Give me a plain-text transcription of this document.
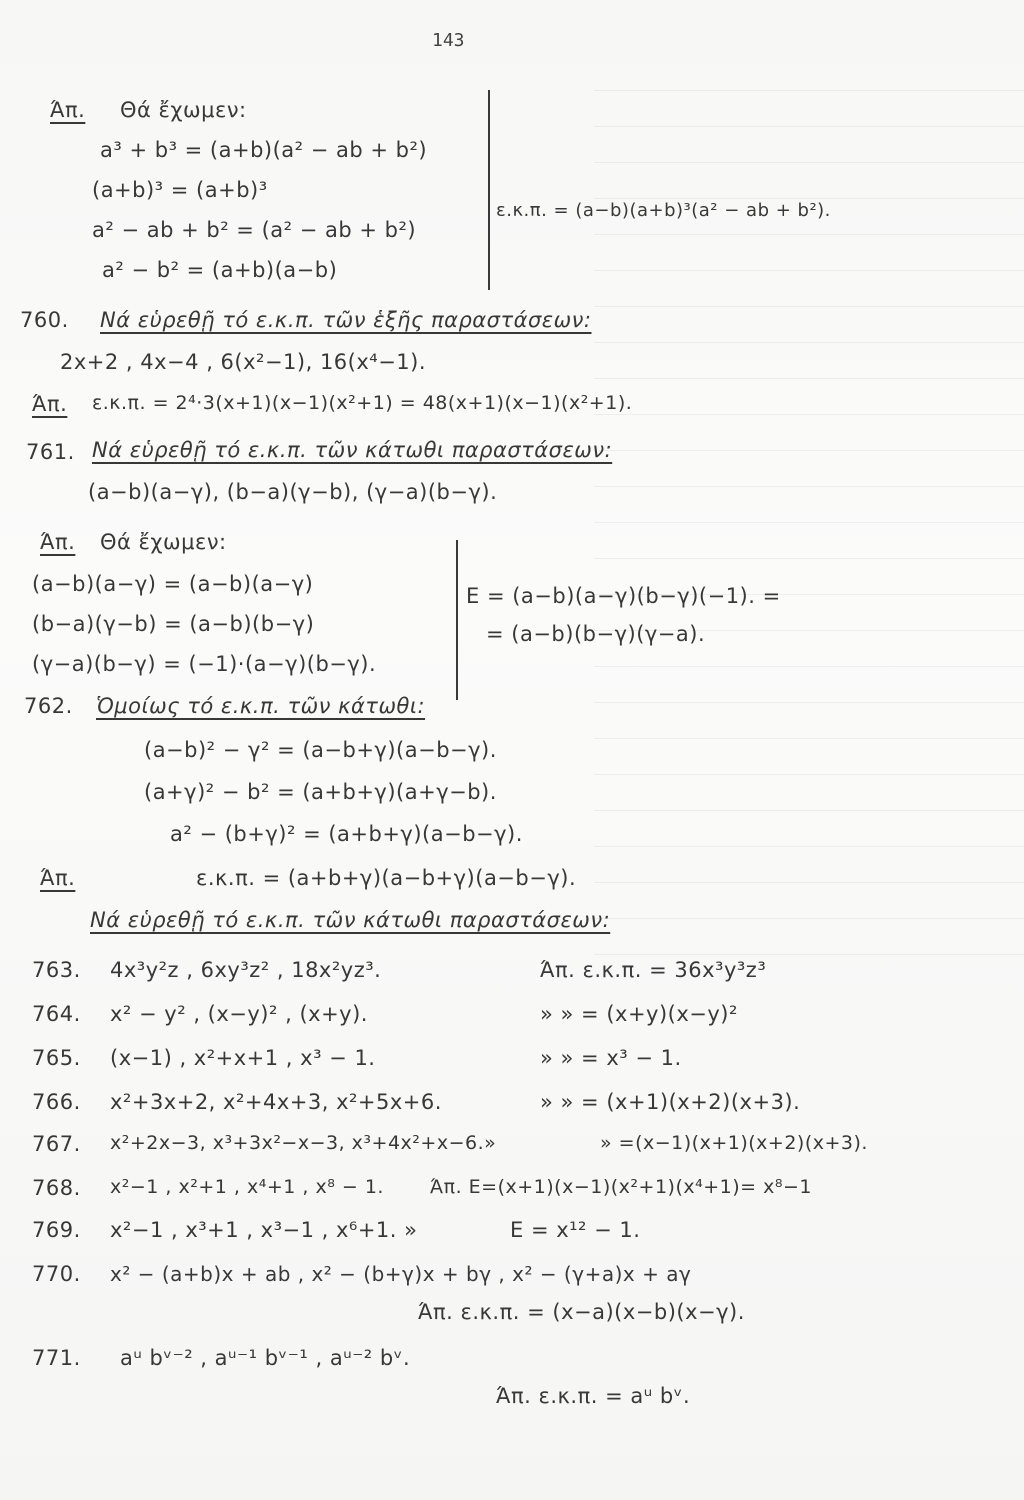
143
Άπ. Θά ἔχωμεν:
a³ + b³ = (a+b)(a² − ab + b²)
(a+b)³ = (a+b)³
a² − ab + b² = (a² − ab + b²)
a² − b² = (a+b)(a−b)
ε.κ.π. = (a−b)(a+b)³(a² − ab + b²).
760. Νά εὑρεθῇ τό ε.κ.π. τῶν ἑξῆς παραστάσεων:
2x+2 , 4x−4 , 6(x²−1), 16(x⁴−1).
Άπ. ε.κ.π. = 2⁴·3(x+1)(x−1)(x²+1) = 48(x+1)(x−1)(x²+1).
761. Νά εὑρεθῇ τό ε.κ.π. τῶν κάτωθι παραστάσεων:
(a−b)(a−γ), (b−a)(γ−b), (γ−a)(b−γ).
Άπ. Θά ἔχωμεν:
(a−b)(a−γ) = (a−b)(a−γ)
(b−a)(γ−b) = (a−b)(b−γ)
(γ−a)(b−γ) = (−1)·(a−γ)(b−γ).
E = (a−b)(a−γ)(b−γ)(−1). =
= (a−b)(b−γ)(γ−a).
762. Ὁμοίως τό ε.κ.π. τῶν κάτωθι:
(a−b)² − γ² = (a−b+γ)(a−b−γ).
(a+γ)² − b² = (a+b+γ)(a+γ−b).
a² − (b+γ)² = (a+b+γ)(a−b−γ).
Άπ.	ε.κ.π. = (a+b+γ)(a−b+γ)(a−b−γ).
Νά εὑρεθῇ τό ε.κ.π. τῶν κάτωθι παραστάσεων:
763. 4x³y²z , 6xy³z² , 18x²yz³.	Άπ. ε.κ.π. = 36x³y³z³
764. x² − y² , (x−y)² , (x+y).	» » = (x+y)(x−y)²
765. (x−1) , x²+x+1 , x³ − 1.	» » = x³ − 1.
766. x²+3x+2, x²+4x+3, x²+5x+6.	» » = (x+1)(x+2)(x+3).
767. x²+2x−3, x³+3x²−x−3, x³+4x²+x−6.»	» =(x−1)(x+1)(x+2)(x+3).
768. x²−1 , x²+1 , x⁴+1 , x⁸ − 1. Άπ. E=(x+1)(x−1)(x²+1)(x⁴+1)= x⁸−1
769. x²−1 , x³+1 , x³−1 , x⁶+1. »	E = x¹² − 1.
770. x² − (a+b)x + ab , x² − (b+γ)x + bγ , x² − (γ+a)x + aγ
Άπ. ε.κ.π. = (x−a)(x−b)(x−γ).
771. aᵘ bᵛ⁻² , aᵘ⁻¹ bᵛ⁻¹ , aᵘ⁻² bᵛ.
Άπ. ε.κ.π. = aᵘ bᵛ.
